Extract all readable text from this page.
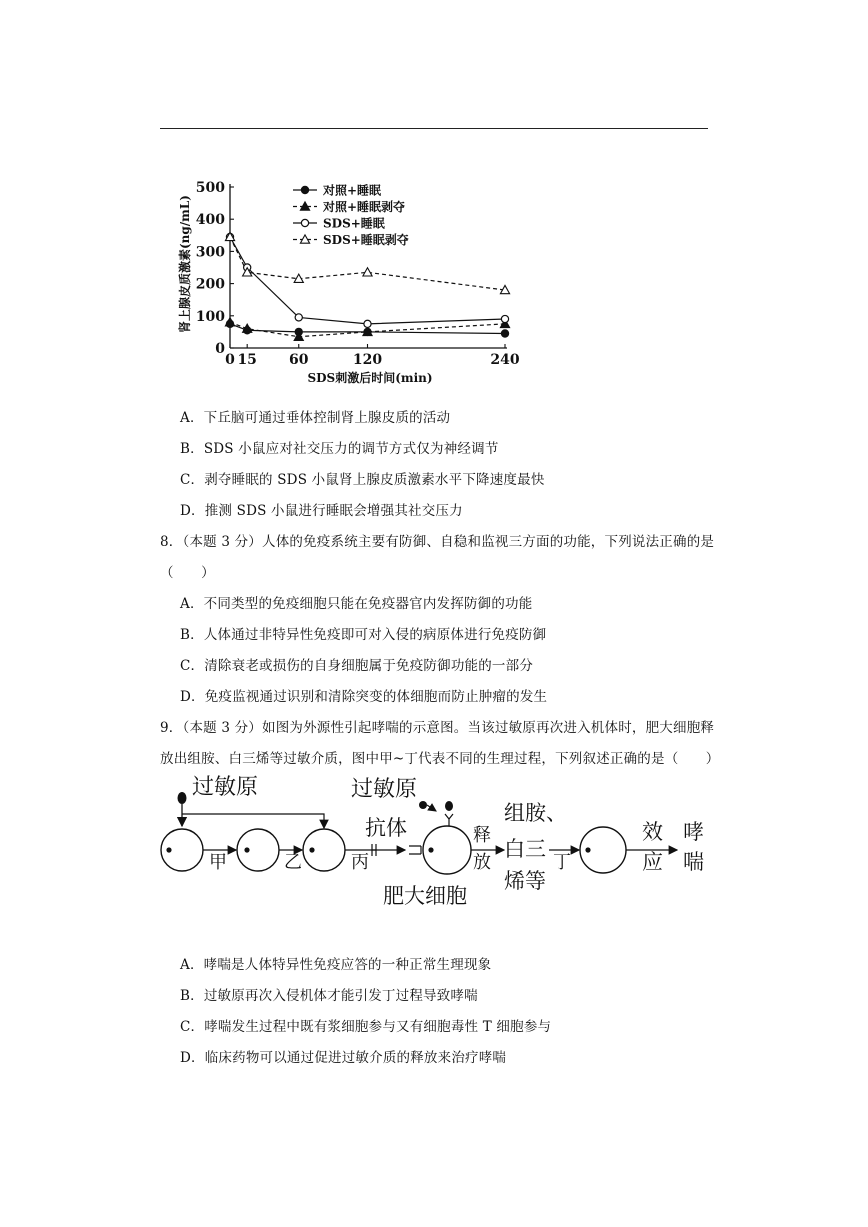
肾上腺皮质激素(ng/mL)
SDS刺激后时间(min)
0
100
200
300
400
500
0 15 60	120	240
对照+睡眠
对照+睡眠剥夺
SDS+睡眠
SDS+睡眠剥夺
A．下丘脑可通过垂体控制肾上腺皮质的活动
B．SDS 小鼠应对社交压力的调节方式仅为神经调节
C．剥夺睡眠的 SDS 小鼠肾上腺皮质激素水平下降速度最快
D．推测 SDS 小鼠进行睡眠会增强其社交压力
8．（本题 3 分）人体的免疫系统主要有防御、自稳和监视三方面的功能，下列说法正确的是
（　　）
A．不同类型的免疫细胞只能在免疫器官内发挥防御的功能
B．人体通过非特异性免疫即可对入侵的病原体进行免疫防御
C．清除衰老或损伤的自身细胞属于免疫防御功能的一部分
D．免疫监视通过识别和清除突变的体细胞而防止肿瘤的发生
9．（本题 3 分）如图为外源性引起哮喘的示意图。当该过敏原再次进入机体时，肥大细胞释
放出组胺、白三烯等过敏介质，图中甲~丁代表不同的生理过程，下列叙述正确的是（　　）
过敏原
甲	乙	丙
抗体
过敏原
肥大细胞
释
放
组胺、
白三
烯等
丁
效
应
哮
喘
A．哮喘是人体特异性免疫应答的一种正常生理现象
B．过敏原再次入侵机体才能引发丁过程导致哮喘
C．哮喘发生过程中既有浆细胞参与又有细胞毒性 T 细胞参与
D．临床药物可以通过促进过敏介质的释放来治疗哮喘
